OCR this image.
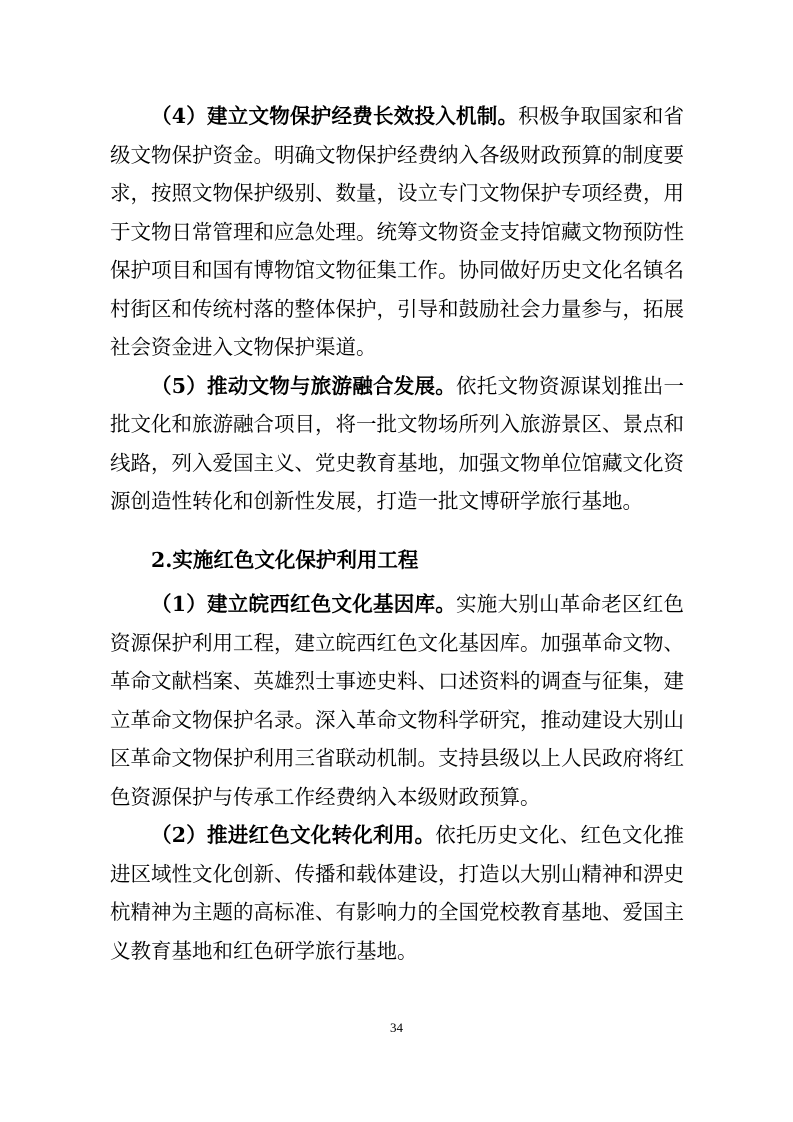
（4）建立文物保护经费长效投入机制。积极争取国家和省级文物保护资金。明确文物保护经费纳入各级财政预算的制度要求，按照文物保护级别、数量，设立专门文物保护专项经费，用于文物日常管理和应急处理。统筹文物资金支持馆藏文物预防性保护项目和国有博物馆文物征集工作。协同做好历史文化名镇名村街区和传统村落的整体保护，引导和鼓励社会力量参与，拓展社会资金进入文物保护渠道。

（5）推动文物与旅游融合发展。依托文物资源谋划推出一批文化和旅游融合项目，将一批文物场所列入旅游景区、景点和线路，列入爱国主义、党史教育基地，加强文物单位馆藏文化资源创造性转化和创新性发展，打造一批文博研学旅行基地。

2.实施红色文化保护利用工程

（1）建立皖西红色文化基因库。实施大别山革命老区红色资源保护利用工程，建立皖西红色文化基因库。加强革命文物、革命文献档案、英雄烈士事迹史料、口述资料的调查与征集，建立革命文物保护名录。深入革命文物科学研究，推动建设大别山区革命文物保护利用三省联动机制。支持县级以上人民政府将红色资源保护与传承工作经费纳入本级财政预算。

（2）推进红色文化转化利用。依托历史文化、红色文化推进区域性文化创新、传播和载体建设，打造以大别山精神和淠史杭精神为主题的高标准、有影响力的全国党校教育基地、爱国主义教育基地和红色研学旅行基地。

34
